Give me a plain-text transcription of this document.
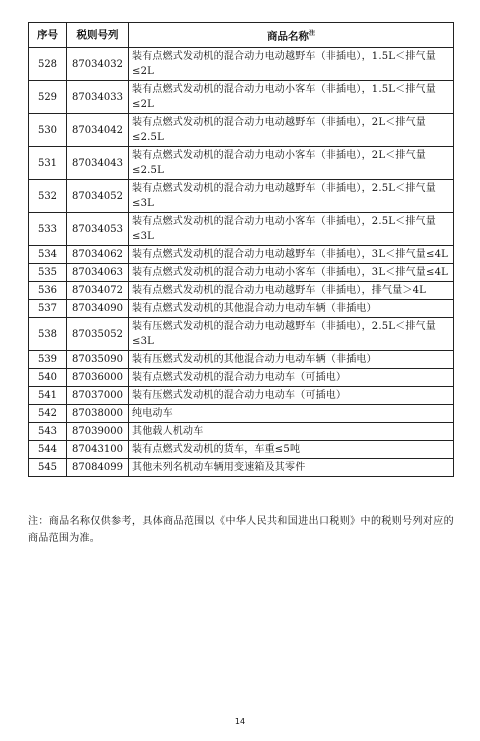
序号	税则号列	商品名称$^注$
528	87034032	装有点燃式发动机的混合动力电动越野车（非插电），1.5L＜排气量≤2L
529	87034033	装有点燃式发动机的混合动力电动小客车（非插电），1.5L＜排气量≤2L
530	87034042	装有点燃式发动机的混合动力电动越野车（非插电），2L＜排气量≤2.5L
531	87034043	装有点燃式发动机的混合动力电动小客车（非插电），2L＜排气量≤2.5L
532	87034052	装有点燃式发动机的混合动力电动越野车（非插电），2.5L＜排气量≤3L
533	87034053	装有点燃式发动机的混合动力电动小客车（非插电），2.5L＜排气量≤3L
534	87034062	装有点燃式发动机的混合动力电动越野车（非插电），3L＜排气量≤4L
535	87034063	装有点燃式发动机的混合动力电动小客车（非插电），3L＜排气量≤4L
536	87034072	装有点燃式发动机的混合动力电动越野车（非插电），排气量＞4L
537	87034090	装有点燃式发动机的其他混合动力电动车辆（非插电）
538	87035052	装有压燃式发动机的混合动力电动越野车（非插电），2.5L＜排气量≤3L
539	87035090	装有压燃式发动机的其他混合动力电动车辆（非插电）
540	87036000	装有点燃式发动机的混合动力电动车（可插电）
541	87037000	装有压燃式发动机的混合动力电动车（可插电）
542	87038000	纯电动车
543	87039000	其他载人机动车
544	87043100	装有点燃式发动机的货车，车重≤5吨
545	87084099	其他未列名机动车辆用变速箱及其零件
注：商品名称仅供参考，具体商品范围以《中华人民共和国进出口税则》中的税则号列对应的商品范围为准。
14
